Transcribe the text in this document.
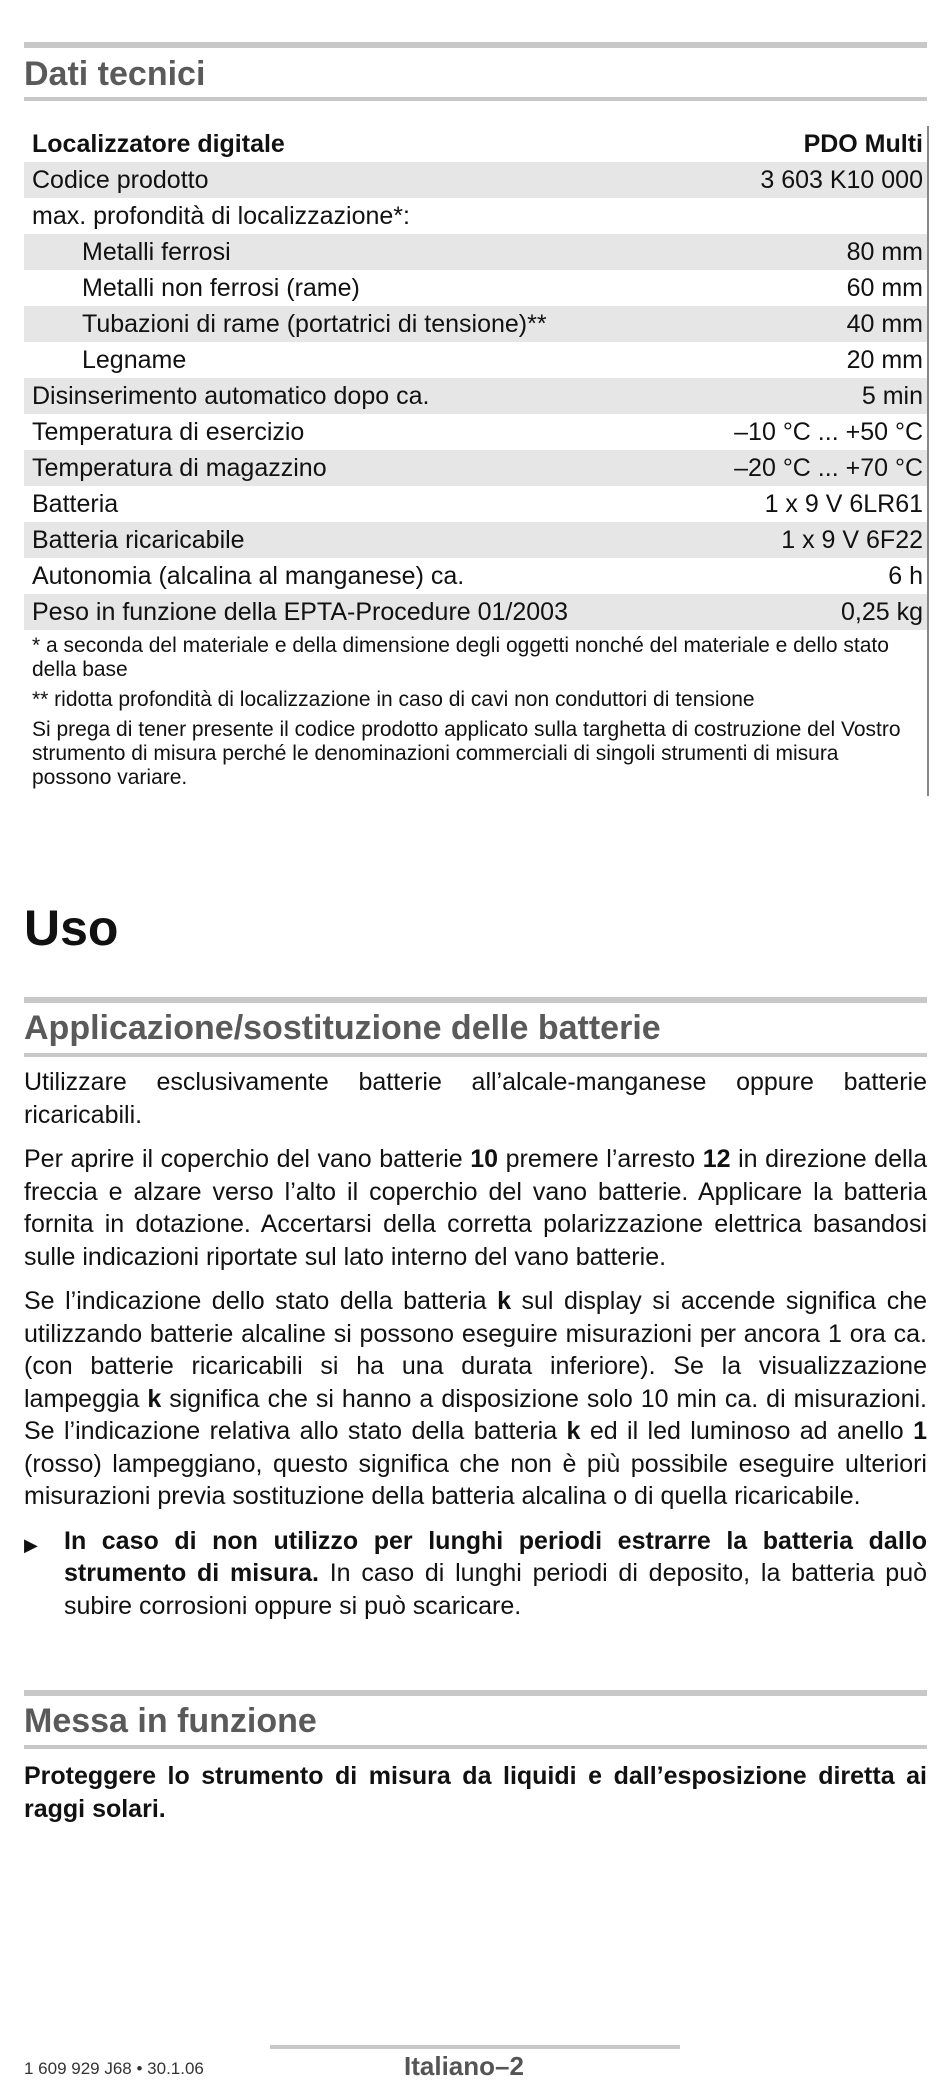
Dati tecnici
Localizzatore digitale	PDO Multi
Codice prodotto	3 603 K10 000
max. profondità di localizzazione*:
Metalli ferrosi	80 mm
Metalli non ferrosi (rame)	60 mm
Tubazioni di rame (portatrici di tensione)**	40 mm
Legname	20 mm
Disinserimento automatico dopo ca.	5 min
Temperatura di esercizio	–10 °C ... +50 °C
Temperatura di magazzino	–20 °C ... +70 °C
Batteria	1 x 9 V 6LR61
Batteria ricaricabile	1 x 9 V 6F22
Autonomia (alcalina al manganese) ca.	6 h
Peso in funzione della EPTA-Procedure 01/2003	0,25 kg

* a seconda del materiale e della dimensione degli oggetti nonché del materiale e dello stato della base

** ridotta profondità di localizzazione in caso di cavi non conduttori di tensione

Si prega di tener presente il codice prodotto applicato sulla targhetta di costruzione del Vostro strumento di misura perché le denominazioni commerciali di singoli strumenti di misura possono variare.

Uso
Applicazione/sostituzione delle batterie

Utilizzare esclusivamente batterie all’alcale-manganese oppure batterie ricaricabili.

Per aprire il coperchio del vano batterie 10 premere l’arresto 12 in direzione della freccia e alzare verso l’alto il coperchio del vano batterie. Applicare la batteria fornita in dotazione. Accertarsi della corretta polarizzazione elettrica basandosi sulle indicazioni riportate sul lato interno del vano batterie.

Se l’indicazione dello stato della batteria k sul display si accende significa che utilizzando batterie alcaline si possono eseguire misurazioni per ancora 1 ora ca. (con batterie ricaricabili si ha una durata inferiore). Se la visualizzazione lampeggia k significa che si hanno a disposizione solo 10 min ca. di misurazioni. Se l’indicazione relativa allo stato della batteria k ed il led luminoso ad anello 1 (rosso) lampeggiano, questo significa che non è più possibile eseguire ulteriori misurazioni previa sostituzione della batteria alcalina o di quella ricaricabile.

▶	In caso di non utilizzo per lunghi periodi estrarre la batteria dallo strumento di misura. In caso di lunghi periodi di deposito, la batteria può subire corrosioni oppure si può scaricare.
Messa in funzione
Proteggere lo strumento di misura da liquidi e dall’esposizione diretta ai raggi solari.
1 609 929 J68 • 30.1.06	Italiano–2
